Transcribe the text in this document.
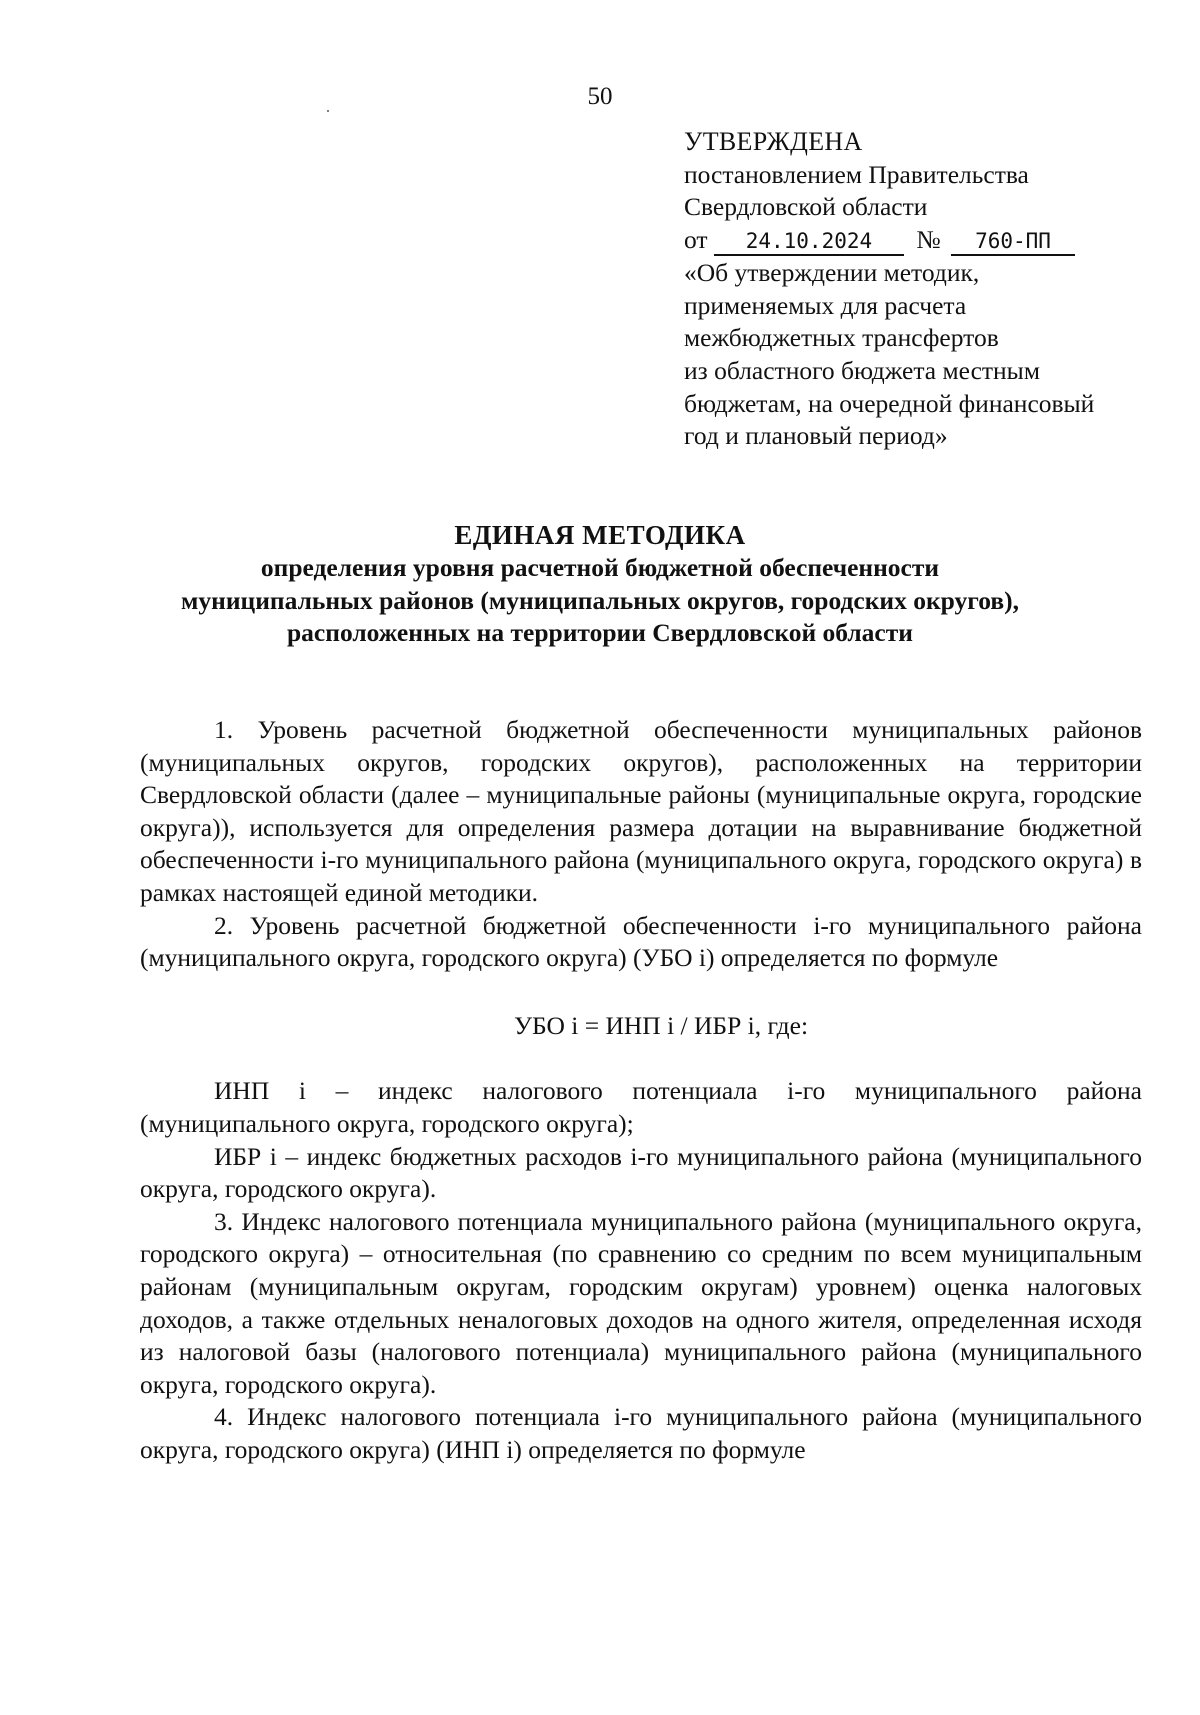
50
УТВЕРЖДЕНА
постановлением Правительства
Свердловской области
от 24.10.2024 № 760-ПП
«Об утверждении методик,
применяемых для расчета
межбюджетных трансфертов
из областного бюджета местным
бюджетам, на очередной финансовый
год и плановый период»
ЕДИНАЯ МЕТОДИКА
определения уровня расчетной бюджетной обеспеченности
муниципальных районов (муниципальных округов, городских округов),
расположенных на территории Свердловской области

1. Уровень расчетной бюджетной обеспеченности муниципальных районов (муниципальных округов, городских округов), расположенных на территории Свердловской области (далее – муниципальные районы (муниципальные округа, городские округа)), используется для определения размера дотации на выравнивание бюджетной обеспеченности i-го муниципального района (муниципального округа, городского округа) в рамках настоящей единой методики.

2. Уровень расчетной бюджетной обеспеченности i-го муниципального района (муниципального округа, городского округа) (УБО i) определяется по формуле

УБО i = ИНП i / ИБР i, где:

ИНП i – индекс налогового потенциала i-го муниципального района (муниципального округа, городского округа);

ИБР i – индекс бюджетных расходов i-го муниципального района (муниципального округа, городского округа).

3. Индекс налогового потенциала муниципального района (муниципального округа, городского округа) – относительная (по сравнению со средним по всем муниципальным районам (муниципальным округам, городским округам) уровнем) оценка налоговых доходов, а также отдельных неналоговых доходов на одного жителя, определенная исходя из налоговой базы (налогового потенциала) муниципального района (муниципального округа, городского округа).

4. Индекс налогового потенциала i-го муниципального района (муниципального округа, городского округа) (ИНП i) определяется по формуле
